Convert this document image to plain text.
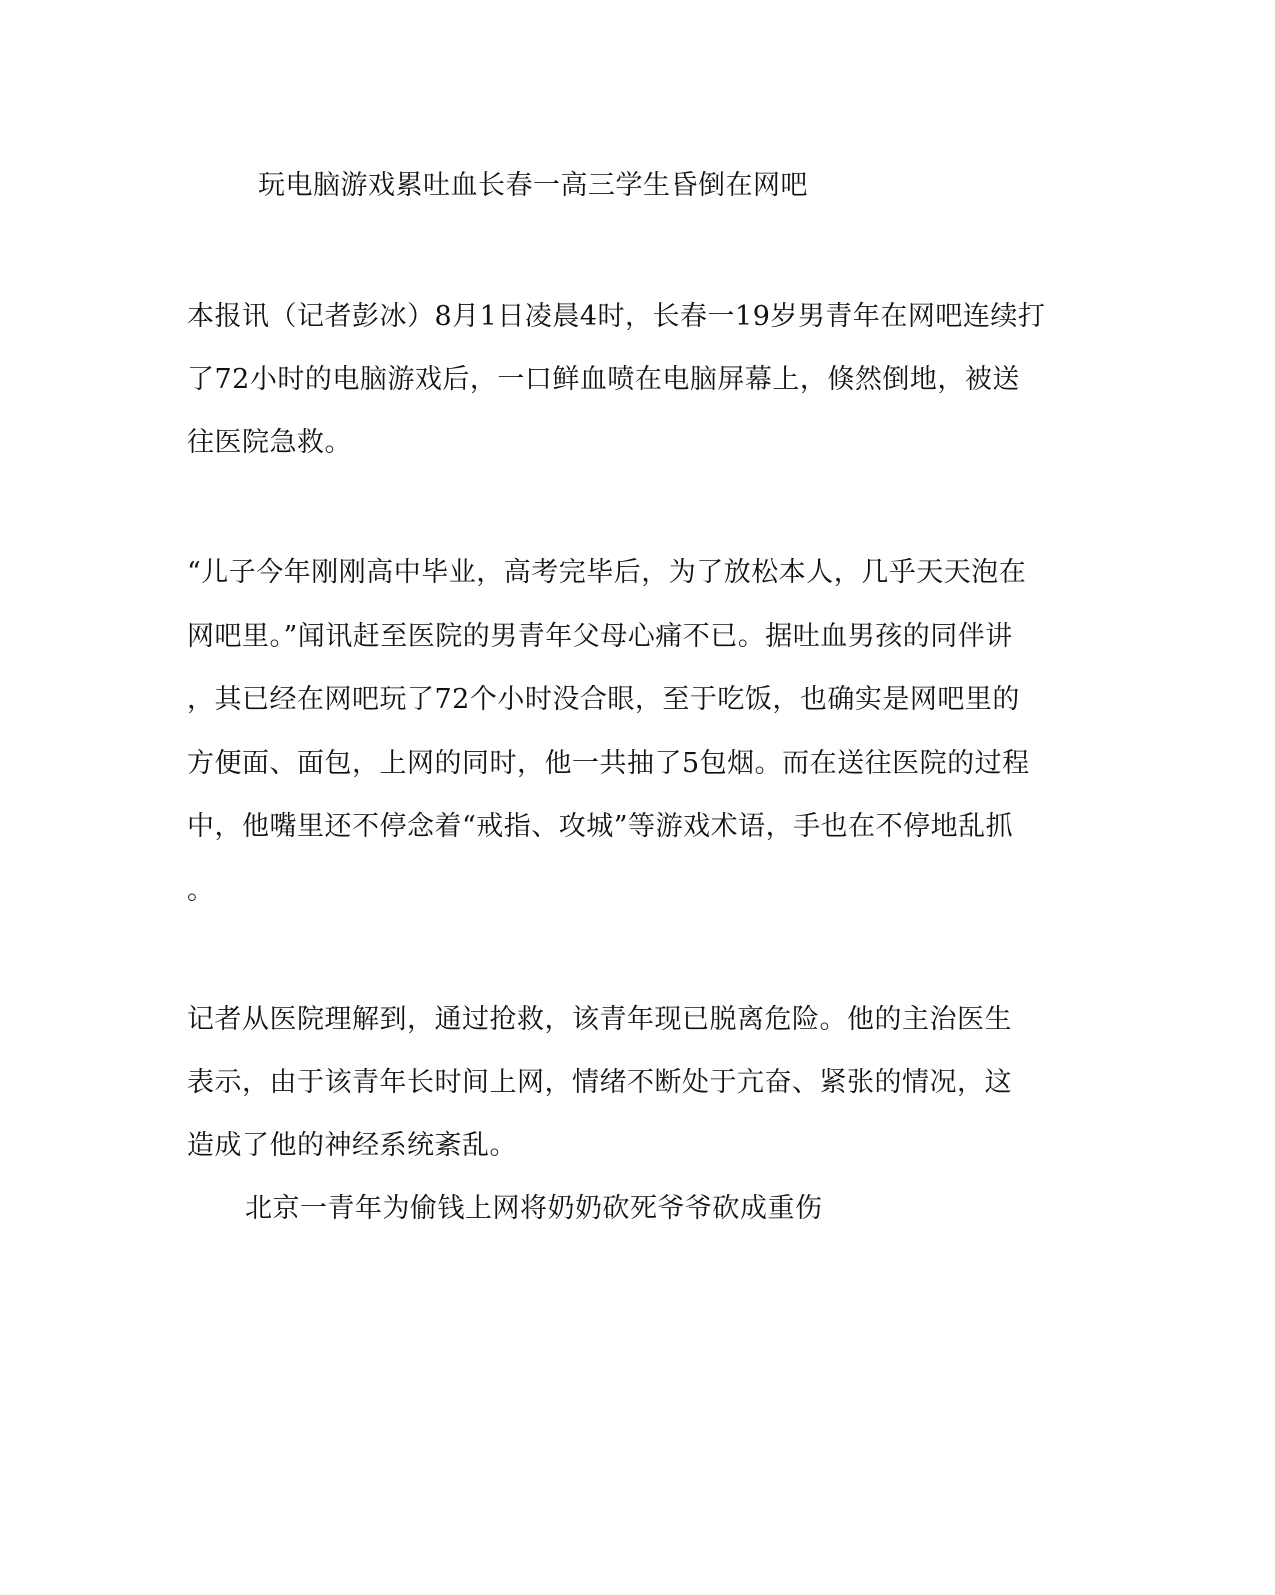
玩电脑游戏累吐血长春一高三学生昏倒在网吧
本报讯（记者彭冰）8月1日凌晨4时，长春一19岁男青年在网吧连续打
了72小时的电脑游戏后，一口鲜血喷在电脑屏幕上，倏然倒地，被送
往医院急救。
“儿子今年刚刚高中毕业，高考完毕后，为了放松本人，几乎天天泡在
网吧里。”闻讯赶至医院的男青年父母心痛不已。据吐血男孩的同伴讲
，其已经在网吧玩了72个小时没合眼，至于吃饭，也确实是网吧里的
方便面、面包，上网的同时，他一共抽了5包烟。而在送往医院的过程
中，他嘴里还不停念着“戒指、攻城”等游戏术语，手也在不停地乱抓
。
记者从医院理解到，通过抢救，该青年现已脱离危险。他的主治医生
表示，由于该青年长时间上网，情绪不断处于亢奋、紧张的情况，这
造成了他的神经系统紊乱。
北京一青年为偷钱上网将奶奶砍死爷爷砍成重伤
